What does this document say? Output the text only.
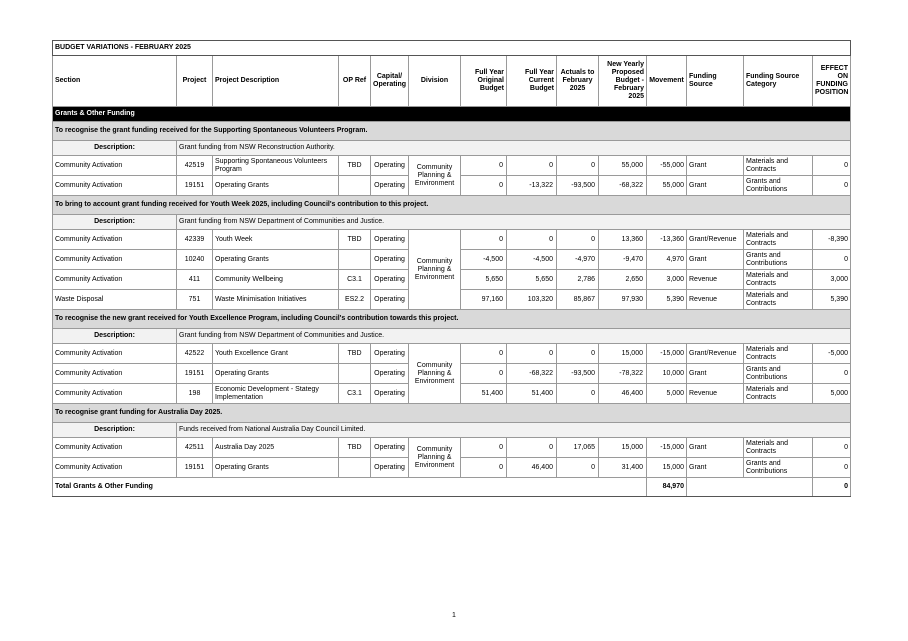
BUDGET VARIATIONS - FEBRUARY 2025													
Section	Project	Project Description	OP Ref	Capital/ Operating	Division	Full Year Original Budget	Full Year Current Budget	Actuals to February 2025	New Yearly Proposed Budget - February 2025	Movement	Funding Source	Funding Source Category	EFFECT ON FUNDING POSITION
Grants & Other Funding													
To recognise the grant funding received for the Supporting Spontaneous Volunteers Program.													
Description:	Grant funding from NSW Reconstruction Authority.												
Community Activation	42519	Supporting Spontaneous Volunteers Program	TBD	Operating	Community Planning & Environment	0	0	0	55,000	-55,000	Grant	Materials and Contracts	0
Community Activation	19151	Operating Grants		Operating		0	-13,322	-93,500	-68,322	55,000	Grant	Grants and Contributions	0
To bring to account grant funding received for Youth Week 2025, including Council's contribution to this project.													
Description:	Grant funding from NSW Department of Communities and Justice.												
Community Activation	42339	Youth Week	TBD	Operating	Community Planning & Environment	0	0	0	13,360	-13,360	Grant/Revenue	Materials and Contracts	-8,390
Community Activation	10240	Operating Grants		Operating		-4,500	-4,500	-4,970	-9,470	4,970	Grant	Grants and Contributions	0
Community Activation	411	Community Wellbeing	C3.1	Operating		5,650	5,650	2,786	2,650	3,000	Revenue	Materials and Contracts	3,000
Waste Disposal	751	Waste Minimisation Initiatives	ES2.2	Operating		97,160	103,320	85,867	97,930	5,390	Revenue	Materials and Contracts	5,390
To recognise the new grant received for Youth Excellence Program, including Council's contribution towards this project.													
Description:	Grant funding from NSW Department of Communities and Justice.												
Community Activation	42522	Youth Excellence Grant	TBD	Operating	Community Planning & Environment	0	0	0	15,000	-15,000	Grant/Revenue	Materials and Contracts	-5,000
Community Activation	19151	Operating Grants		Operating		0	-68,322	-93,500	-78,322	10,000	Grant	Grants and Contributions	0
Community Activation	198	Economic Development - Stategy Implementation	C3.1	Operating		51,400	51,400	0	46,400	5,000	Revenue	Materials and Contracts	5,000
To recognise grant funding for Australia Day 2025.													
Description:	Funds received from National Australia Day Council Limited.												
Community Activation	42511	Australia Day 2025	TBD	Operating	Community Planning & Environment	0	0	17,065	15,000	-15,000	Grant	Materials and Contracts	0
Community Activation	19151	Operating Grants		Operating		0	46,400	0	31,400	15,000	Grant	Grants and Contributions	0
Total Grants & Other Funding										84,970			0
1
